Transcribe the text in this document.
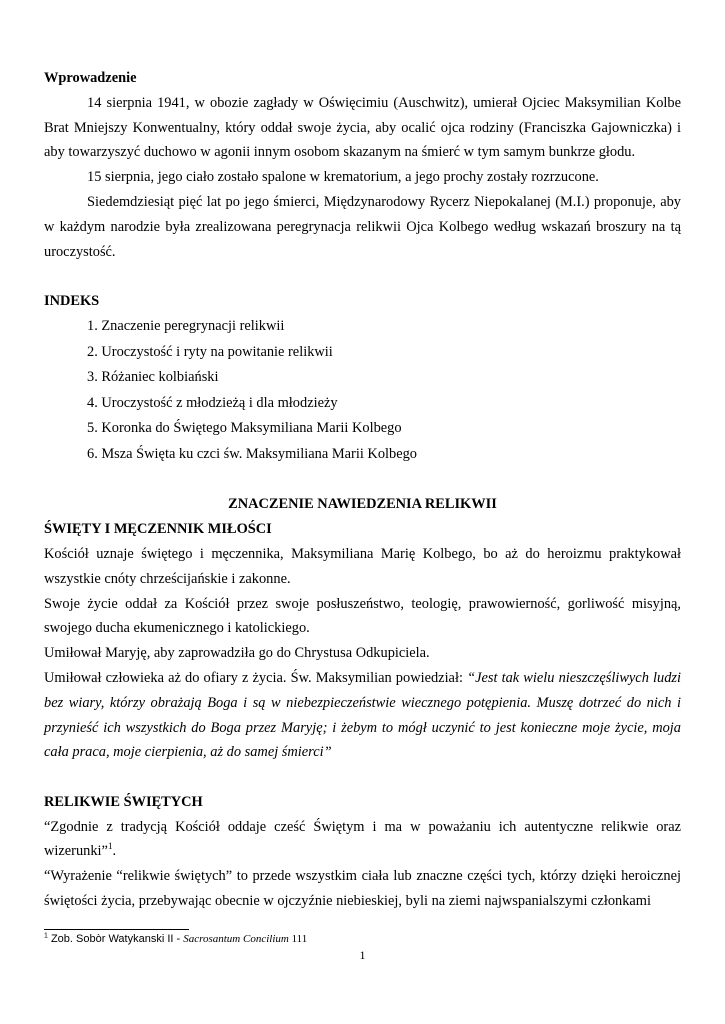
Wprowadzenie

14 sierpnia 1941, w obozie zagłady w Oświęcimiu (Auschwitz), umierał Ojciec Maksymilian Kolbe Brat Mniejszy Konwentualny, który oddał swoje życia, aby ocalić ojca rodziny (Franciszka Gajowniczka) i aby towarzyszyć duchowo w agonii innym osobom skazanym na śmierć w tym samym bunkrze głodu.

15 sierpnia, jego ciało zostało spalone w krematorium, a jego prochy zostały rozrzucone.

Siedemdziesiąt pięć lat po jego śmierci, Międzynarodowy Rycerz Niepokalanej (M.I.) proponuje, aby w każdym narodzie była zrealizowana peregrynacja relikwii Ojca Kolbego według wskazań broszury na tą uroczystość.

INDEKS
1. Znaczenie peregrynacji relikwii
2. Uroczystość i ryty na powitanie relikwii
3. Różaniec kolbiański
4. Uroczystość z młodzieżą i dla młodzieży
5. Koronka do Świętego Maksymiliana Marii Kolbego
6. Msza Święta ku czci św. Maksymiliana Marii Kolbego
ZNACZENIE NAWIEDZENIA RELIKWII
ŚWIĘTY I MĘCZENNIK MIŁOŚCI

Kościół uznaje świętego i męczennika, Maksymiliana Marię Kolbego, bo aż do heroizmu praktykował wszystkie cnóty chrześcijańskie i zakonne.

Swoje życie oddał za Kościół przez swoje posłuszeństwo, teologię, prawowierność, gorliwość misyjną, swojego ducha ekumenicznego i katolickiego.

Umiłował Maryję, aby zaprowadziła go do Chrystusa Odkupiciela.

Umiłował człowieka aż do ofiary z życia. Św. Maksymilian powiedział: “Jest tak wielu nieszczęśliwych ludzi bez wiary, którzy obrażają Boga i są w niebezpieczeństwie wiecznego potępienia. Muszę dotrzeć do nich i przynieść ich wszystkich do Boga przez Maryję; i żebym to mógł uczynić to jest konieczne moje życie, moja cała praca, moje cierpienia, aż do samej śmierci”

RELIKWIE ŚWIĘTYCH

“Zgodnie z tradycją Kościół oddaje cześć Świętym i ma w poważaniu ich autentyczne relikwie oraz wizerunki”$^1$.

“Wyrażenie “relikwie świętych” to przede wszystkim ciała lub znaczne części tych, którzy dzięki heroicznej świętości życia, przebywając obecnie w ojczyźnie niebieskiej, byli na ziemi najwspanialszymi członkami

$^1$ Zob. Sobòr Watykanski II - Sacrosantum Concilium 111
1
